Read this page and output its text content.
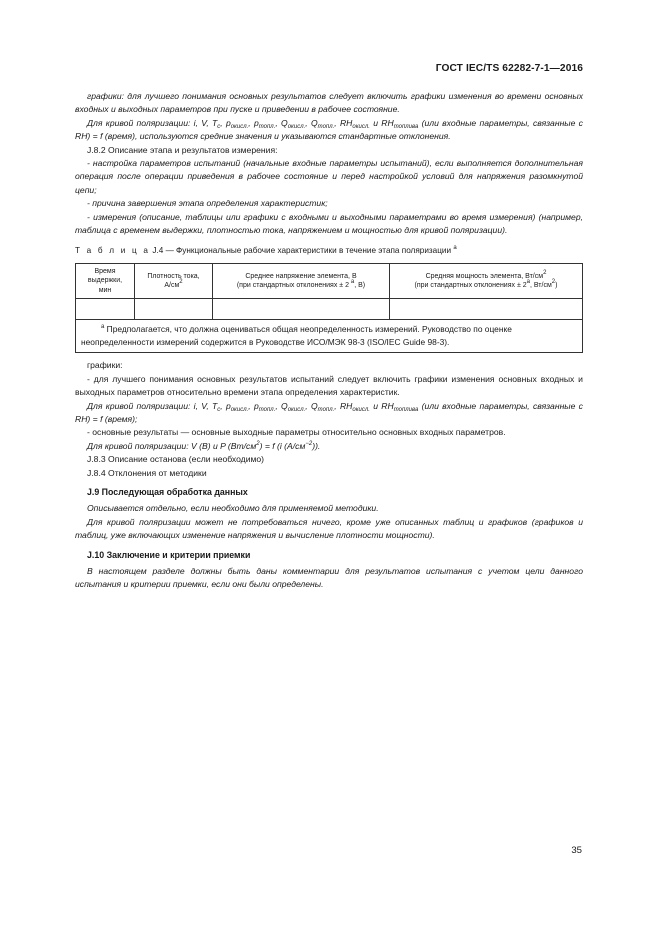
ГОСТ IEC/TS 62282-7-1—2016

графики: для лучшего понимания основных результатов следует включить графики изменения во времени основных входных и выходных параметров при пуске и приведении в рабочее состояние.

Для кривой поляризации: i, V, $T_c$, $p_{окисл.}$, $p_{топл.}$, $Q_{окисл.}$, $Q_{топл.}$, $RH_{окисл.}$ и $RH_{топлива}$ (или входные параметры, связанные с RH) = f (время), используются средние значения и указываются стандартные отклонения.

J.8.2 Описание этапа и результатов измерения:

- настройка параметров испытаний (начальные входные параметры испытаний), если выполняется дополнительная операция после операции приведения в рабочее состояние и перед настройкой условий для напряжения разомкнутой цепи;

- причина завершения этапа определения характеристик;

- измерения (описание, таблицы или графики с входными и выходными параметрами во время измерения) (например, таблица с временем выдержки, плотностью тока, напряжением и мощностью для кривой поляризации).

Т а б л и ц а J.4 — Функциональные рабочие характеристики в течение этапа поляризации $^a$

Время выдержки,
мин	Плотность тока,
А/см2	Среднее напряжение элемента, В
(при стандартных отклонениях ± 2 a, В)	Средняя мощность элемента, Вт/см2
(при стандартных отклонениях ± 2а, Вт/см2)

$^a$ Предполагается, что должна оцениваться общая неопределенность измерений. Руководство по оценке неопределенности измерений содержится в Руководстве ИСО/МЭК 98-3 (ISO/IEC Guide 98-3).			

графики:

- для лучшего понимания основных результатов испытаний следует включить графики изменения основных входных и выходных параметров относительно времени этапа определения характеристик.

Для кривой поляризации: i, V, $T_c$, $p_{окисл.}$, $p_{топл.}$, $Q_{окисл.}$, $Q_{топл.}$, $RH_{окисл.}$ и $RH_{топлива}$ (или входные параметры, связанные с RH) = f (время);

- основные результаты — основные выходные параметры относительно основных входных параметров.

Для кривой поляризации: V (В) и P $(Вт/см^2) = f$ (i $(А/см^{-2})$).

J.8.3 Описание останова (если необходимо)

J.8.4 Отклонения от методики

J.9 Последующая обработка данных

Описывается отдельно, если необходимо для применяемой методики.

Для кривой поляризации может не потребоваться ничего, кроме уже описанных таблиц и графиков (графиков и таблиц, уже включающих изменение напряжения и вычисление плотности мощности).

J.10 Заключение и критерии приемки

В настоящем разделе должны быть даны комментарии для результатов испытания с учетом цели данного испытания и критерии приемки, если они были определены.

35
